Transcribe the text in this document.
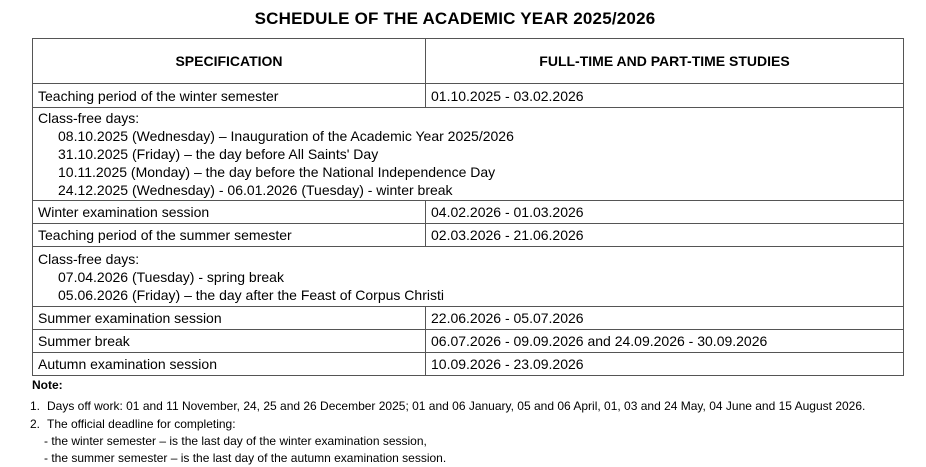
SCHEDULE OF THE ACADEMIC YEAR 2025/2026
SPECIFICATION	FULL-TIME AND PART-TIME STUDIES
Teaching period of the winter semester	01.10.2025 - 03.02.2026

Class-free days:
08.10.2025 (Wednesday) – Inauguration of the Academic Year 2025/2026
31.10.2025 (Friday) – the day before All Saints' Day
10.11.2025 (Monday) – the day before the National Independence Day
24.12.2025 (Wednesday) - 06.01.2026 (Tuesday) - winter break	

Winter examination session	04.02.2026 - 01.03.2026
Teaching period of the summer semester	02.03.2026 - 21.06.2026

Class-free days:
07.04.2026 (Tuesday) - spring break
05.06.2026 (Friday) – the day after the Feast of Corpus Christi	

Summer examination session	22.06.2026 - 05.07.2026
Summer break	06.07.2026 - 09.09.2026 and 24.09.2026 - 30.09.2026
Autumn examination session	10.09.2026 - 23.09.2026
Note:
1. Days off work: 01 and 11 November, 24, 25 and 26 December 2025; 01 and 06 January, 05 and 06 April, 01, 03 and 24 May, 04 June and 15 August 2026.
2. The official deadline for completing:
- the winter semester – is the last day of the winter examination session,
- the summer semester – is the last day of the autumn examination session.
